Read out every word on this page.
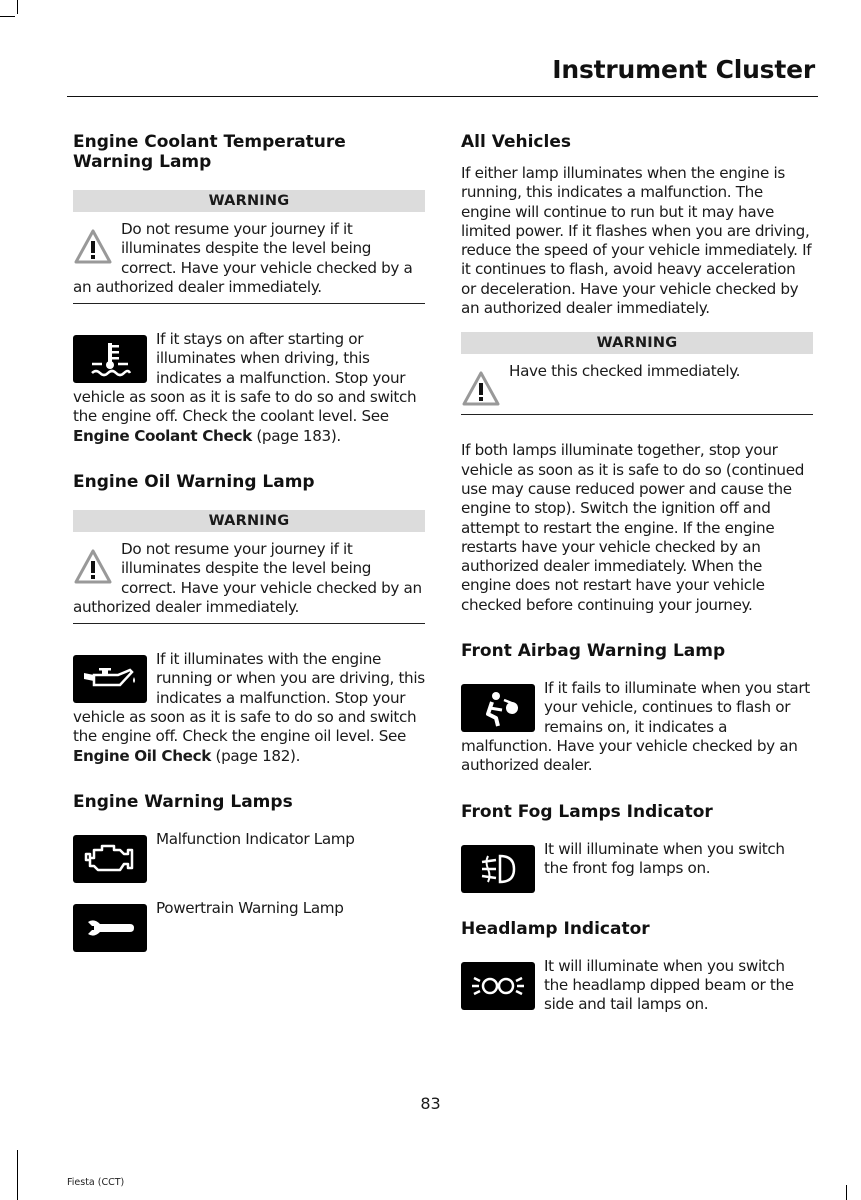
Instrument Cluster
Engine Coolant Temperature Warning Lamp
WARNING

Do not resume your journey if it illuminates despite the level being correct. Have your vehicle checked by a an authorized dealer immediately.

If it stays on after starting or illuminates when driving, this indicates a malfunction. Stop your vehicle as soon as it is safe to do so and switch the engine off. Check the coolant level. See Engine Coolant Check (page 183).

Engine Oil Warning Lamp
WARNING

Do not resume your journey if it illuminates despite the level being correct. Have your vehicle checked by an authorized dealer immediately.

If it illuminates with the engine running or when you are driving, this indicates a malfunction. Stop your vehicle as soon as it is safe to do so and switch the engine off. Check the engine oil level. See Engine Oil Check (page 182).

Engine Warning Lamps

Malfunction Indicator Lamp

Powertrain Warning Lamp

All Vehicles

If either lamp illuminates when the engine is running, this indicates a malfunction. The engine will continue to run but it may have limited power. If it flashes when you are driving, reduce the speed of your vehicle immediately. If it continues to flash, avoid heavy acceleration or deceleration. Have your vehicle checked by an authorized dealer immediately.

WARNING

Have this checked immediately.

If both lamps illuminate together, stop your vehicle as soon as it is safe to do so (continued use may cause reduced power and cause the engine to stop). Switch the ignition off and attempt to restart the engine. If the engine restarts have your vehicle checked by an authorized dealer immediately. When the engine does not restart have your vehicle checked before continuing your journey.

Front Airbag Warning Lamp

If it fails to illuminate when you start your vehicle, continues to flash or remains on, it indicates a malfunction. Have your vehicle checked by an authorized dealer.

Front Fog Lamps Indicator

It will illuminate when you switch the front fog lamps on.

Headlamp Indicator

It will illuminate when you switch the headlamp dipped beam or the side and tail lamps on.

83
Fiesta (CCT)
